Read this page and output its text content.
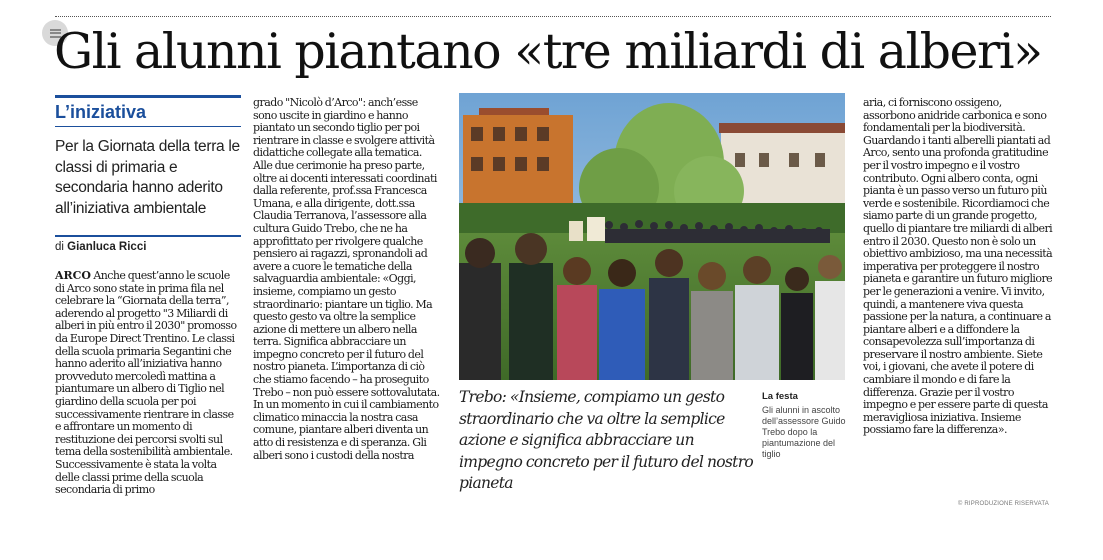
Gli alunni piantano «tre miliardi di alberi»
L’iniziativa
Per la Giornata della terra le classi di primaria e secondaria hanno aderito all’iniziativa ambientale
di Gianluca Ricci

ARCO Anche quest’anno le scuole di Arco sono state in prima fila nel celebrare la “Giornata della terra”, aderendo al progetto "3 Miliardi di alberi in più entro il 2030" promosso da Europe Direct Trentino. Le classi della scuola primaria Segantini che hanno aderito all’iniziativa hanno provveduto mercoledì mattina a piantumare un albero di Tiglio nel giardino della scuola per poi successivamente rientrare in classe e affrontare un momento di restituzione dei percorsi svolti sul tema della sostenibilità ambientale. Successivamente è stata la volta delle classi prime della scuola secondaria di primo

grado "Nicolò d’Arco": anch’esse sono uscite in giardino e hanno piantato un secondo tiglio per poi rientrare in classe e svolgere attività didattiche collegate alla tematica. Alle due cerimonie ha preso parte, oltre ai docenti interessati coordinati dalla referente, prof.ssa Francesca Umana, e alla dirigente, dott.ssa Claudia Terranova, l’assessore alla cultura Guido Trebo, che ne ha approfittato per rivolgere qualche pensiero ai ragazzi, spronandoli ad avere a cuore le tematiche della salvaguardia ambientale: «Oggi, insieme, compiamo un gesto straordinario: piantare un tiglio. Ma questo gesto va oltre la semplice azione di mettere un albero nella terra. Significa abbracciare un impegno concreto per il futuro del nostro pianeta. L’importanza di ciò che stiamo facendo – ha proseguito Trebo – non può essere sottovalutata. In un momento in cui il cambiamento climatico minaccia la nostra casa comune, piantare alberi diventa un atto di resistenza e di speranza. Gli alberi sono i custodi della nostra

Trebo: «Insieme, compiamo un gesto straordinario che va oltre la semplice azione e significa abbracciare un impegno concreto per il futuro del nostro pianeta

La festa
Gli alunni in ascolto dell’assessore Guido Trebo dopo la piantumazione del tiglio

aria, ci forniscono ossigeno, assorbono anidride carbonica e sono fondamentali per la biodiversità. Guardando i tanti alberelli piantati ad Arco, sento una profonda gratitudine per il vostro impegno e il vostro contributo. Ogni albero conta, ogni pianta è un passo verso un futuro più verde e sostenibile. Ricordiamoci che siamo parte di un grande progetto, quello di piantare tre miliardi di alberi entro il 2030. Questo non è solo un obiettivo ambizioso, ma una necessità imperativa per proteggere il nostro pianeta e garantire un futuro migliore per le generazioni a venire. Vi invito, quindi, a mantenere viva questa passione per la natura, a continuare a piantare alberi e a diffondere la consapevolezza sull’importanza di preservare il nostro ambiente. Siete voi, i giovani, che avete il potere di cambiare il mondo e di fare la differenza. Grazie per il vostro impegno e per essere parte di questa meravigliosa iniziativa. Insieme possiamo fare la differenza».

© RIPRODUZIONE RISERVATA
